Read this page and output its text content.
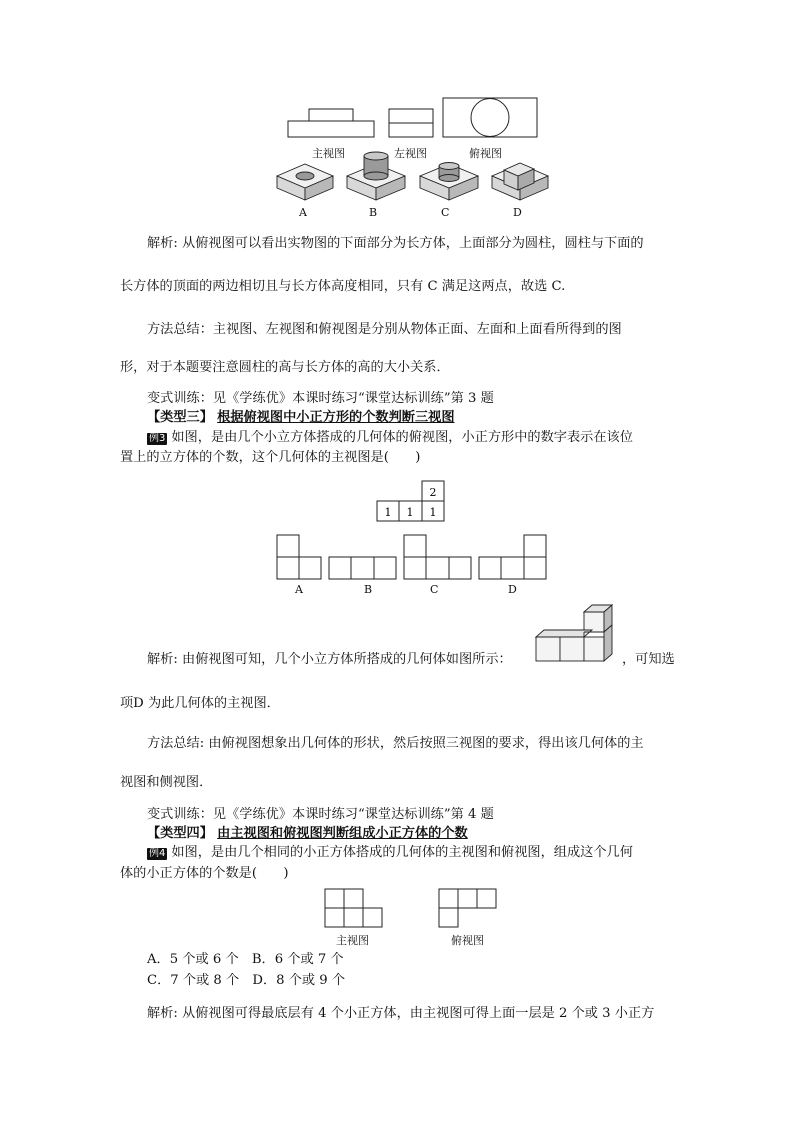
主视图	左视图	俯视图
A	B	C	D
解析: 从俯视图可以看出实物图的下面部分为长方体，上面部分为圆柱，圆柱与下面的
长方体的顶面的两边相切且与长方体高度相同，只有 C 满足这两点，故选 C.
方法总结：主视图、左视图和俯视图是分别从物体正面、左面和上面看所得到的图
形，对于本题要注意圆柱的高与长方体的高的大小关系．
变式训练：见《学练优》本课时练习“课堂达标训练”第 3 题
【类型三】 根据俯视图中小正方形的个数判断三视图
例3 如图，是由几个小立方体搭成的几何体的俯视图，小正方形中的数字表示在该位
置上的立方体的个数，这个几何体的主视图是(　　)
2
1 1 1
A	B	C	D
解析: 由俯视图可知，几个小立方体所搭成的几何体如图所示：	，可知选
项D 为此几何体的主视图．
方法总结: 由俯视图想象出几何体的形状，然后按照三视图的要求，得出该几何体的主
视图和侧视图．
变式训练：见《学练优》本课时练习“课堂达标训练”第 4 题
【类型四】 由主视图和俯视图判断组成小正方体的个数
例4 如图，是由几个相同的小正方体搭成的几何体的主视图和俯视图，组成这个几何
体的小正方体的个数是(　　)
主视图	俯视图
A．5 个或 6 个　B．6 个或 7 个
C．7 个或 8 个　D．8 个或 9 个
解析: 从俯视图可得最底层有 4 个小正方体，由主视图可得上面一层是 2 个或 3 小正方
